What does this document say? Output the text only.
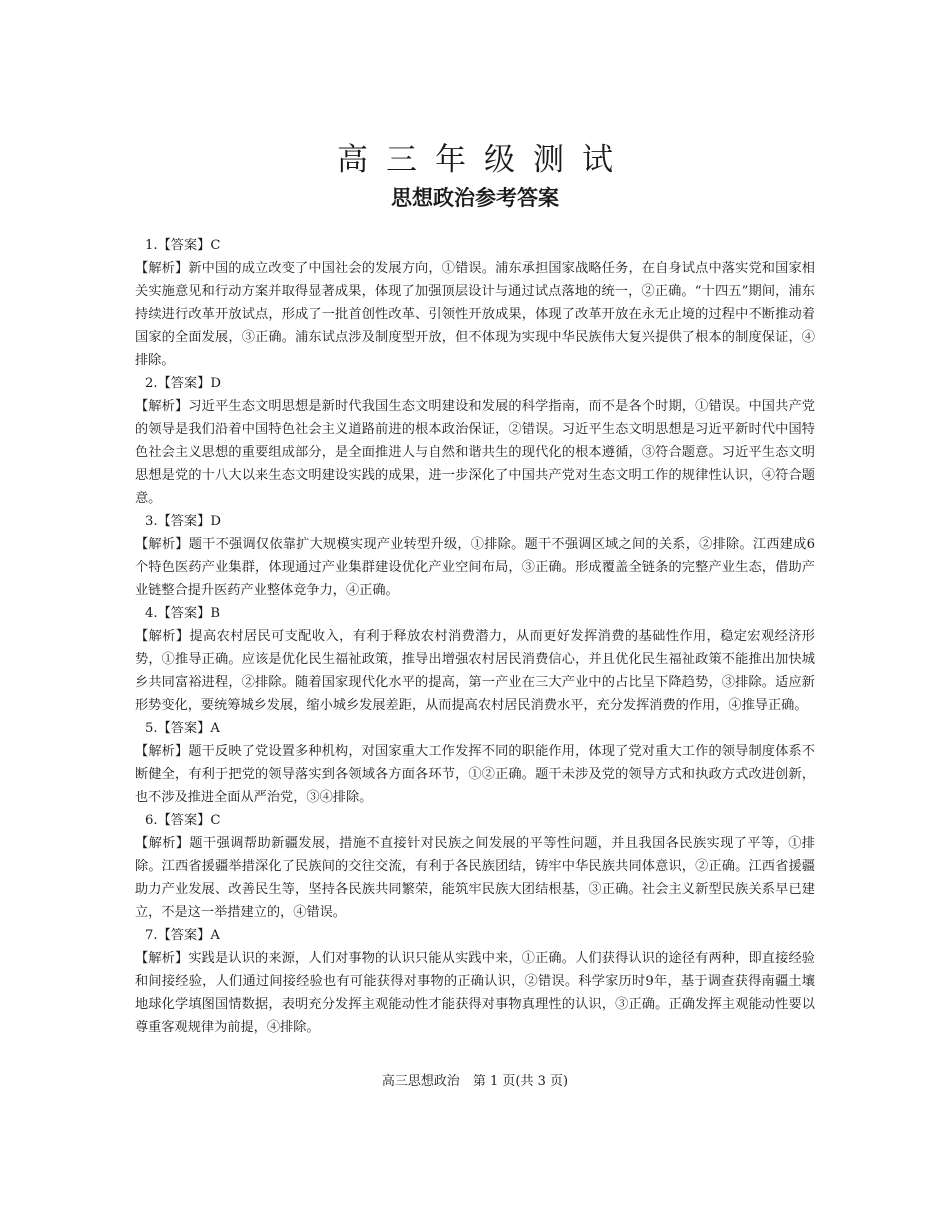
高三年级测试
思想政治参考答案
1.【答案】C

【解析】新中国的成立改变了中国社会的发展方向，①错误。浦东承担国家战略任务，在自身试点中落实党和国家相关实施意见和行动方案并取得显著成果，体现了加强顶层设计与通过试点落地的统一，②正确。“十四五”期间，浦东持续进行改革开放试点，形成了一批首创性改革、引领性开放成果，体现了改革开放在永无止境的过程中不断推动着国家的全面发展，③正确。浦东试点涉及制度型开放，但不体现为实现中华民族伟大复兴提供了根本的制度保证，④排除。

2.【答案】D

【解析】习近平生态文明思想是新时代我国生态文明建设和发展的科学指南，而不是各个时期，①错误。中国共产党的领导是我们沿着中国特色社会主义道路前进的根本政治保证，②错误。习近平生态文明思想是习近平新时代中国特色社会主义思想的重要组成部分，是全面推进人与自然和谐共生的现代化的根本遵循，③符合题意。习近平生态文明思想是党的十八大以来生态文明建设实践的成果，进一步深化了中国共产党对生态文明工作的规律性认识，④符合题意。

3.【答案】D

【解析】题干不强调仅依靠扩大规模实现产业转型升级，①排除。题干不强调区域之间的关系，②排除。江西建成6个特色医药产业集群，体现通过产业集群建设优化产业空间布局，③正确。形成覆盖全链条的完整产业生态，借助产业链整合提升医药产业整体竞争力，④正确。

4.【答案】B

【解析】提高农村居民可支配收入，有利于释放农村消费潜力，从而更好发挥消费的基础性作用，稳定宏观经济形势，①推导正确。应该是优化民生福祉政策，推导出增强农村居民消费信心，并且优化民生福祉政策不能推出加快城乡共同富裕进程，②排除。随着国家现代化水平的提高，第一产业在三大产业中的占比呈下降趋势，③排除。适应新形势变化，要统筹城乡发展，缩小城乡发展差距，从而提高农村居民消费水平，充分发挥消费的作用，④推导正确。

5.【答案】A

【解析】题干反映了党设置多种机构，对国家重大工作发挥不同的职能作用，体现了党对重大工作的领导制度体系不断健全，有利于把党的领导落实到各领域各方面各环节，①②正确。题干未涉及党的领导方式和执政方式改进创新，也不涉及推进全面从严治党，③④排除。

6.【答案】C

【解析】题干强调帮助新疆发展，措施不直接针对民族之间发展的平等性问题，并且我国各民族实现了平等，①排除。江西省援疆举措深化了民族间的交往交流，有利于各民族团结，铸牢中华民族共同体意识，②正确。江西省援疆助力产业发展、改善民生等，坚持各民族共同繁荣，能筑牢民族大团结根基，③正确。社会主义新型民族关系早已建立，不是这一举措建立的，④错误。

7.【答案】A

【解析】实践是认识的来源，人们对事物的认识只能从实践中来，①正确。人们获得认识的途径有两种，即直接经验和间接经验，人们通过间接经验也有可能获得对事物的正确认识，②错误。科学家历时9年，基于调查获得南疆土壤地球化学填图国情数据，表明充分发挥主观能动性才能获得对事物真理性的认识，③正确。正确发挥主观能动性要以尊重客观规律为前提，④排除。

高三思想政治　第 1 页(共 3 页)
